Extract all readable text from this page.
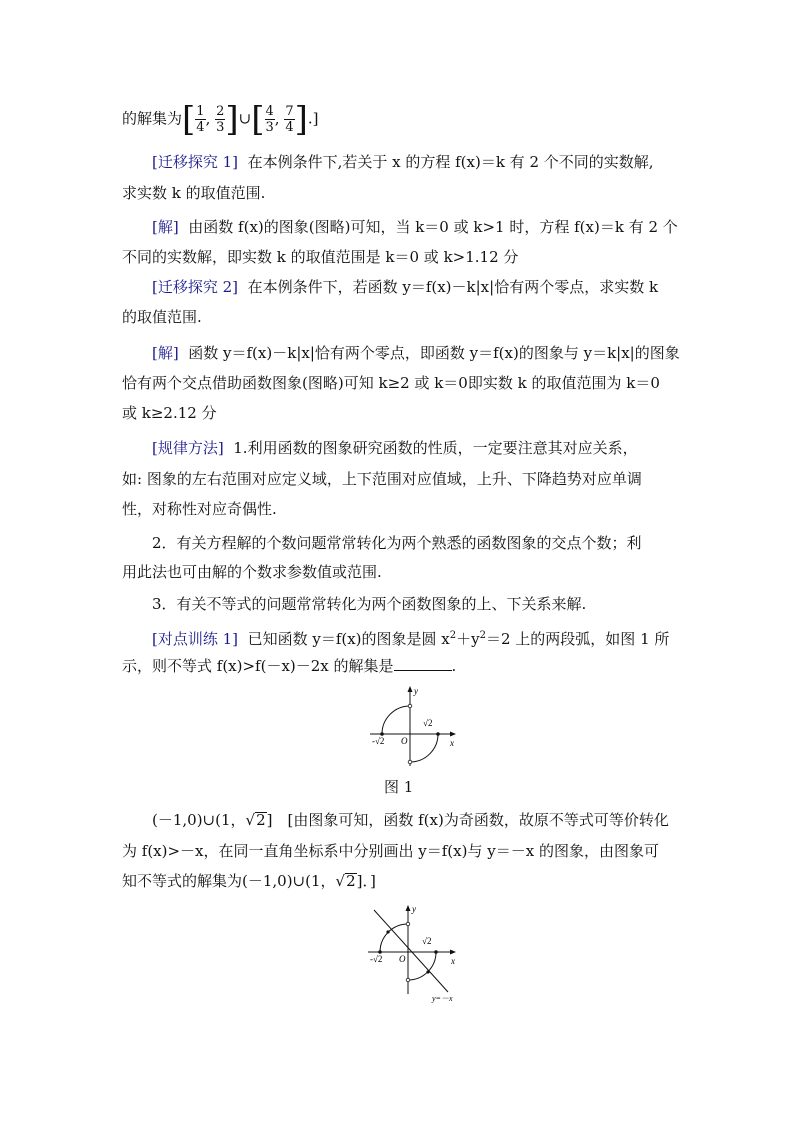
的解集为[ $\frac{1}{4}$ , $\frac{2}{3}$ ]∪[ $\frac{4}{3}$ , $\frac{7}{4}$ ].]
[迁移探究 1] 在本例条件下,若关于 x 的方程 f(x)＝k 有 2 个不同的实数解,
求实数 k 的取值范围.
[解] 由函数 f(x)的图象(图略)可知，当 k＝0 或 k>1 时，方程 f(x)＝k 有 2 个
不同的实数解，即实数 k 的取值范围是 k＝0 或 k>1.12 分
[迁移探究 2] 在本例条件下，若函数 y＝f(x)－k|x|恰有两个零点，求实数 k
的取值范围.
[解] 函数 y＝f(x)－k|x|恰有两个零点，即函数 y＝f(x)的图象与 y＝k|x|的图象
恰有两个交点借助函数图象(图略)可知 k≥2 或 k＝0即实数 k 的取值范围为 k＝0
或 k≥2.12 分
[规律方法] 1.利用函数的图象研究函数的性质，一定要注意其对应关系，
如: 图象的左右范围对应定义域，上下范围对应值域，上升、下降趋势对应单调
性，对称性对应奇偶性.
2．有关方程解的个数问题常常转化为两个熟悉的函数图象的交点个数；利
用此法也可由解的个数求参数值或范围.
3．有关不等式的问题常常转化为两个函数图象的上、下关系来解.
[对点训练 1] 已知函数 y＝f(x)的图象是圆 $x^2+y^2=2$ 上的两段弧，如图 1 所
示，则不等式 f(x)>f(－x)－2x 的解集是	.
y
x
O
√2
-√2
图 1
(－1,0)∪(1，√2]　[由图象可知，函数 f(x)为奇函数，故原不等式可等价转化
为 f(x)>－x，在同一直角坐标系中分别画出 y＝f(x)与 y＝－x 的图象，由图象可
知不等式的解集为(－1,0)∪(1，√2]．]
y
x
O
√2
-√2
y=－x
